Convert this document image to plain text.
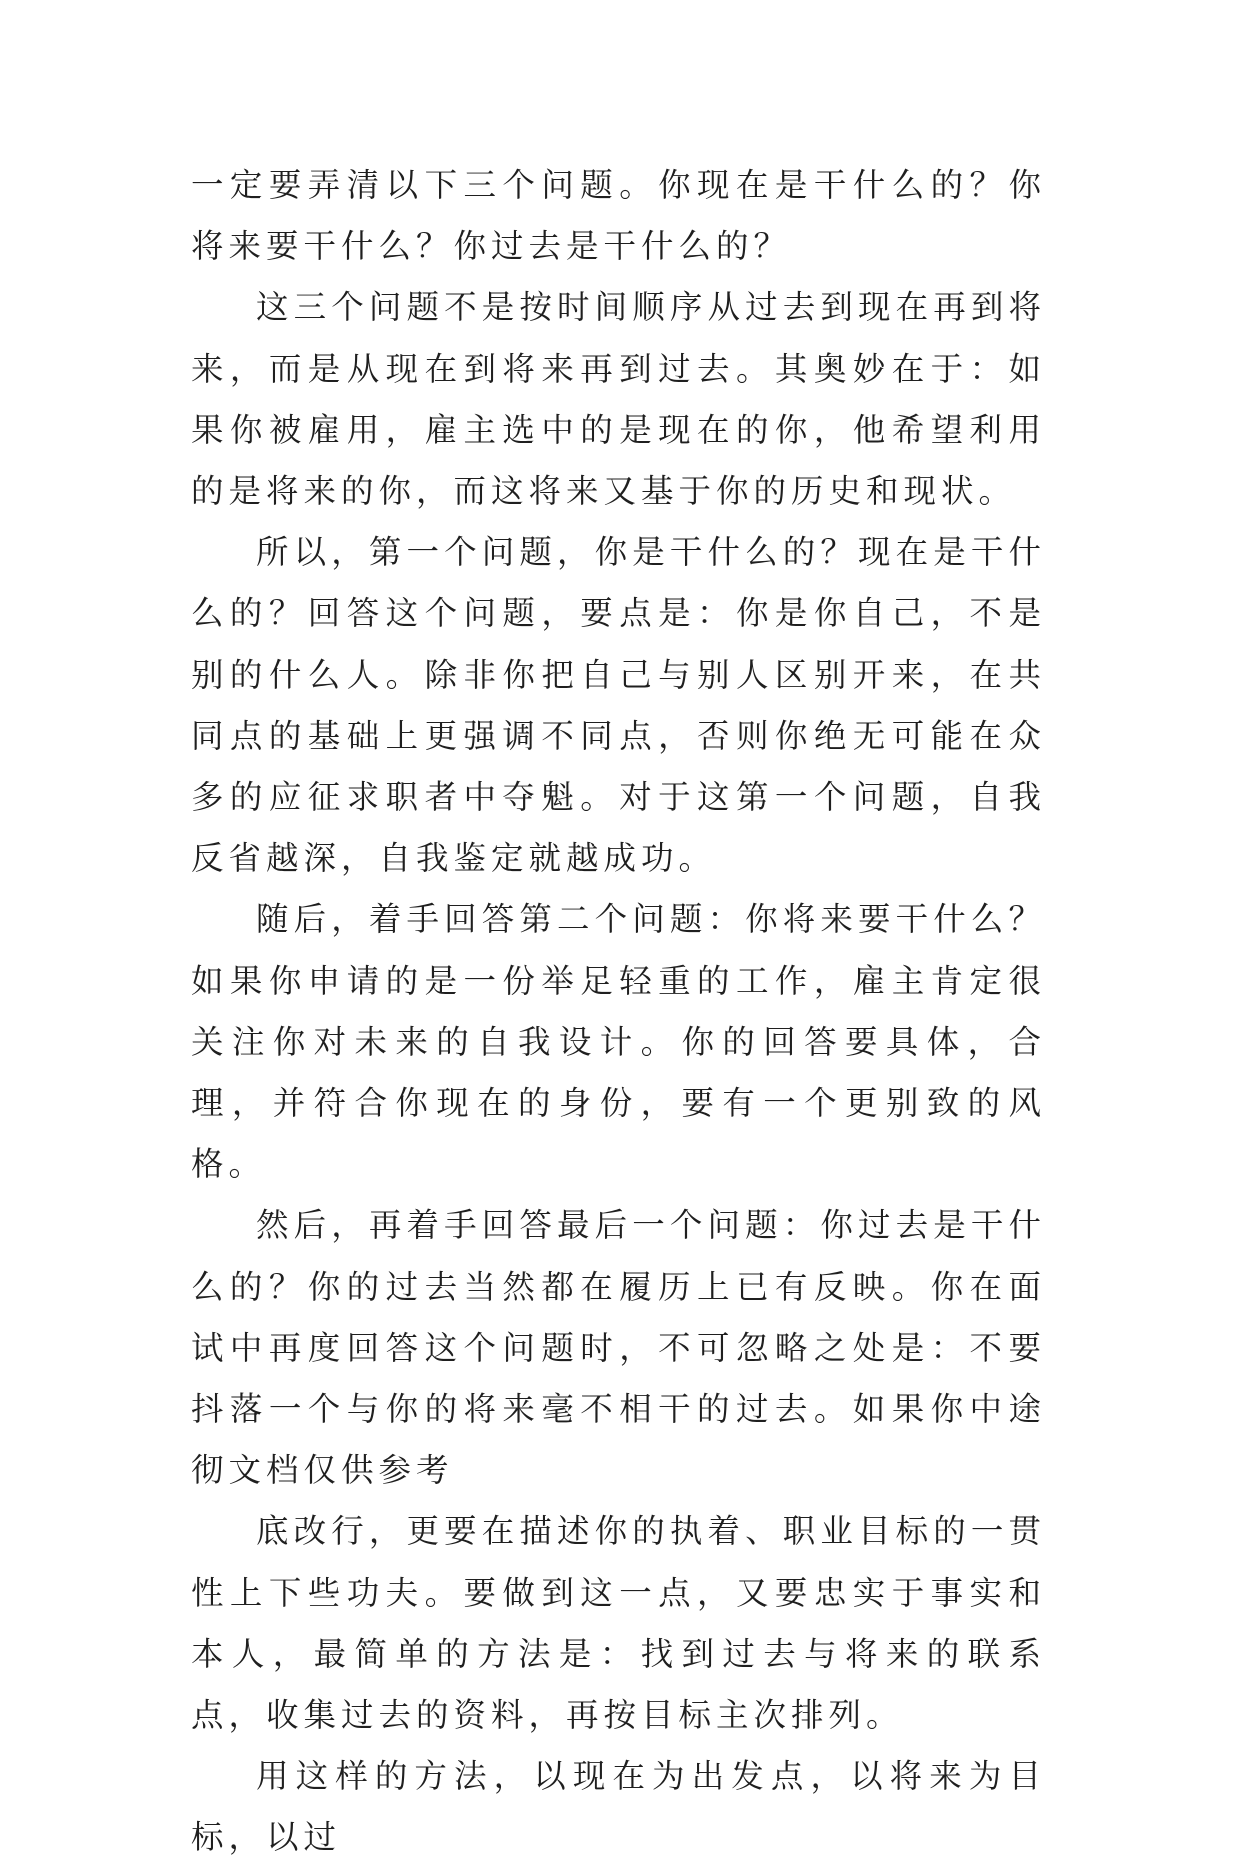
一定要弄清以下三个问题。你现在是干什么的？你将来要干什么？你过去是干什么的？

这三个问题不是按时间顺序从过去到现在再到将来，而是从现在到将来再到过去。其奥妙在于：如果你被雇用，雇主选中的是现在的你，他希望利用的是将来的你，而这将来又基于你的历史和现状。

所以，第一个问题，你是干什么的？现在是干什么的？回答这个问题，要点是：你是你自己，不是别的什么人。除非你把自己与别人区别开来，在共同点的基础上更强调不同点，否则你绝无可能在众多的应征求职者中夺魁。对于这第一个问题，自我反省越深，自我鉴定就越成功。

随后，着手回答第二个问题：你将来要干什么？如果你申请的是一份举足轻重的工作，雇主肯定很关注你对未来的自我设计。你的回答要具体，合理，并符合你现在的身份，要有一个更别致的风格。

然后，再着手回答最后一个问题：你过去是干什么的？你的过去当然都在履历上已有反映。你在面试中再度回答这个问题时，不可忽略之处是：不要抖落一个与你的将来毫不相干的过去。如果你中途彻文档仅供参考

底改行，更要在描述你的执着、职业目标的一贯性上下些功夫。要做到这一点，又要忠实于事实和本人，最简单的方法是：找到过去与将来的联系点，收集过去的资料，再按目标主次排列。

用这样的方法，以现在为出发点，以将来为目标，以过
